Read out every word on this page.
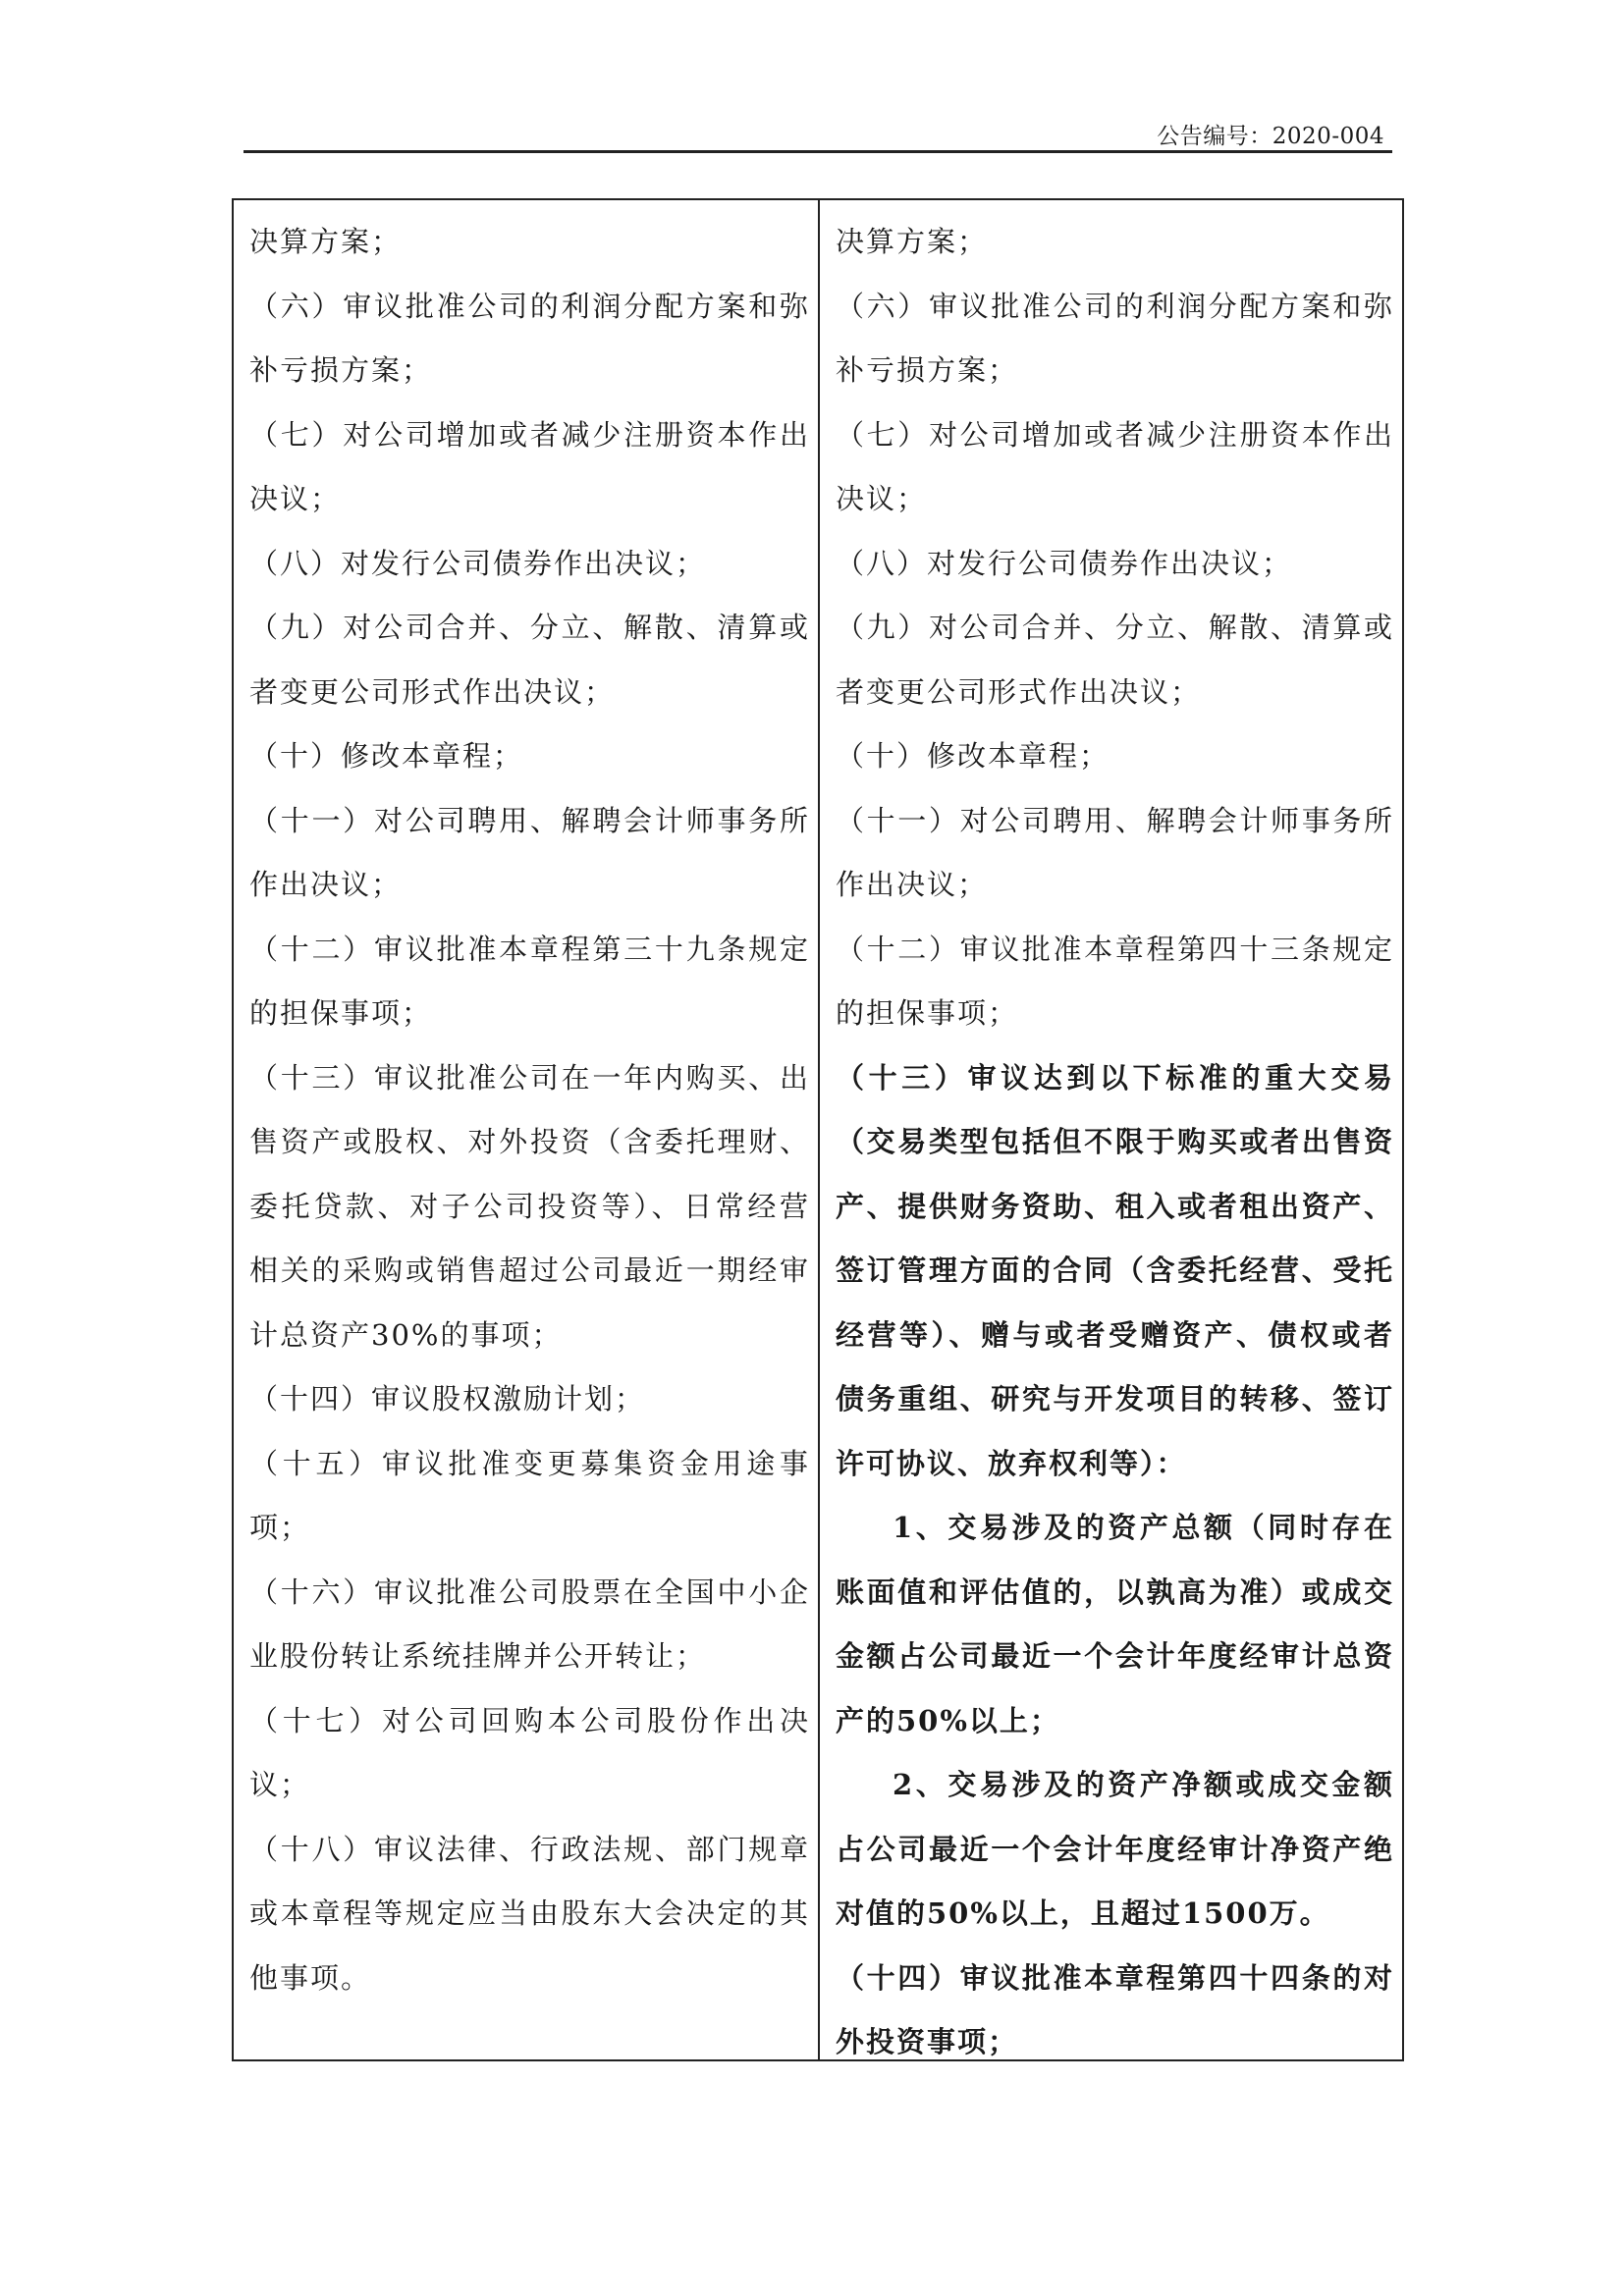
公告编号：2020-004

决算方案；

（六）审议批准公司的利润分配方案和弥补亏损方案；

（七）对公司增加或者减少注册资本作出决议；

（八）对发行公司债券作出决议；

（九）对公司合并、分立、解散、清算或者变更公司形式作出决议；

（十）修改本章程；

（十一）对公司聘用、解聘会计师事务所作出决议；

（十二）审议批准本章程第三十九条规定的担保事项；

（十三）审议批准公司在一年内购买、出售资产或股权、对外投资（含委托理财、委托贷款、对子公司投资等）、日常经营相关的采购或销售超过公司最近一期经审计总资产30%的事项；

（十四）审议股权激励计划；

（十五）审议批准变更募集资金用途事项；

（十六）审议批准公司股票在全国中小企业股份转让系统挂牌并公开转让；

（十七）对公司回购本公司股份作出决议；

（十八）审议法律、行政法规、部门规章或本章程等规定应当由股东大会决定的其他事项。

决算方案；

（六）审议批准公司的利润分配方案和弥补亏损方案；

（七）对公司增加或者减少注册资本作出决议；

（八）对发行公司债券作出决议；

（九）对公司合并、分立、解散、清算或者变更公司形式作出决议；

（十）修改本章程；

（十一）对公司聘用、解聘会计师事务所作出决议；

（十二）审议批准本章程第四十三条规定的担保事项；

（十三）审议达到以下标准的重大交易（交易类型包括但不限于购买或者出售资产、提供财务资助、租入或者租出资产、签订管理方面的合同（含委托经营、受托经营等）、赠与或者受赠资产、债权或者债务重组、研究与开发项目的转移、签订许可协议、放弃权利等）：

1、交易涉及的资产总额（同时存在账面值和评估值的，以孰高为准）或成交金额占公司最近一个会计年度经审计总资产的50%以上；

2、交易涉及的资产净额或成交金额占公司最近一个会计年度经审计净资产绝对值的50%以上，且超过1500万。

（十四）审议批准本章程第四十四条的对外投资事项；
